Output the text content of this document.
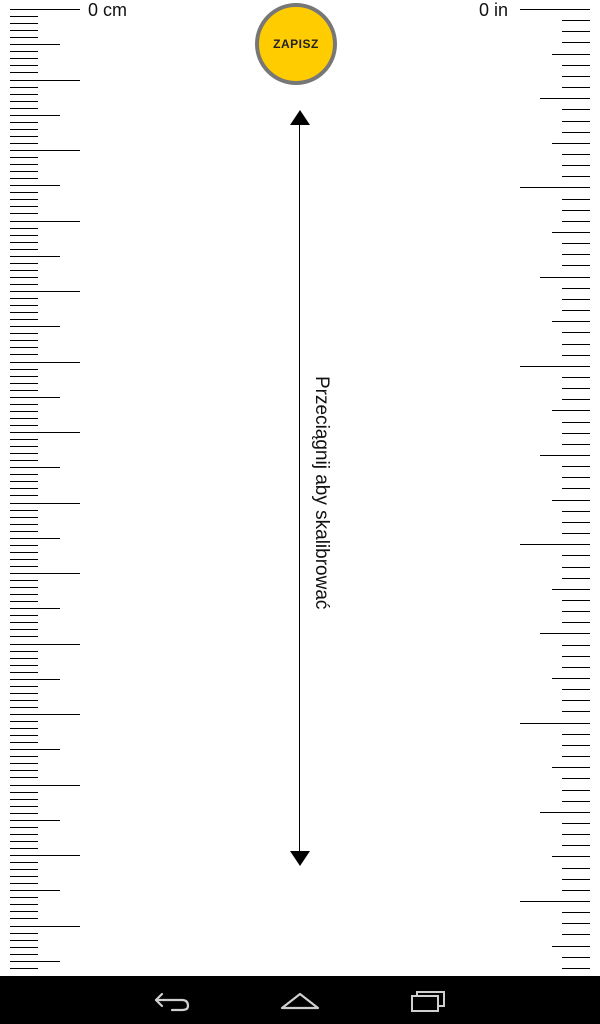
0 cm	0 in
ZAPISZ
Przeciągnij aby skalibrować
